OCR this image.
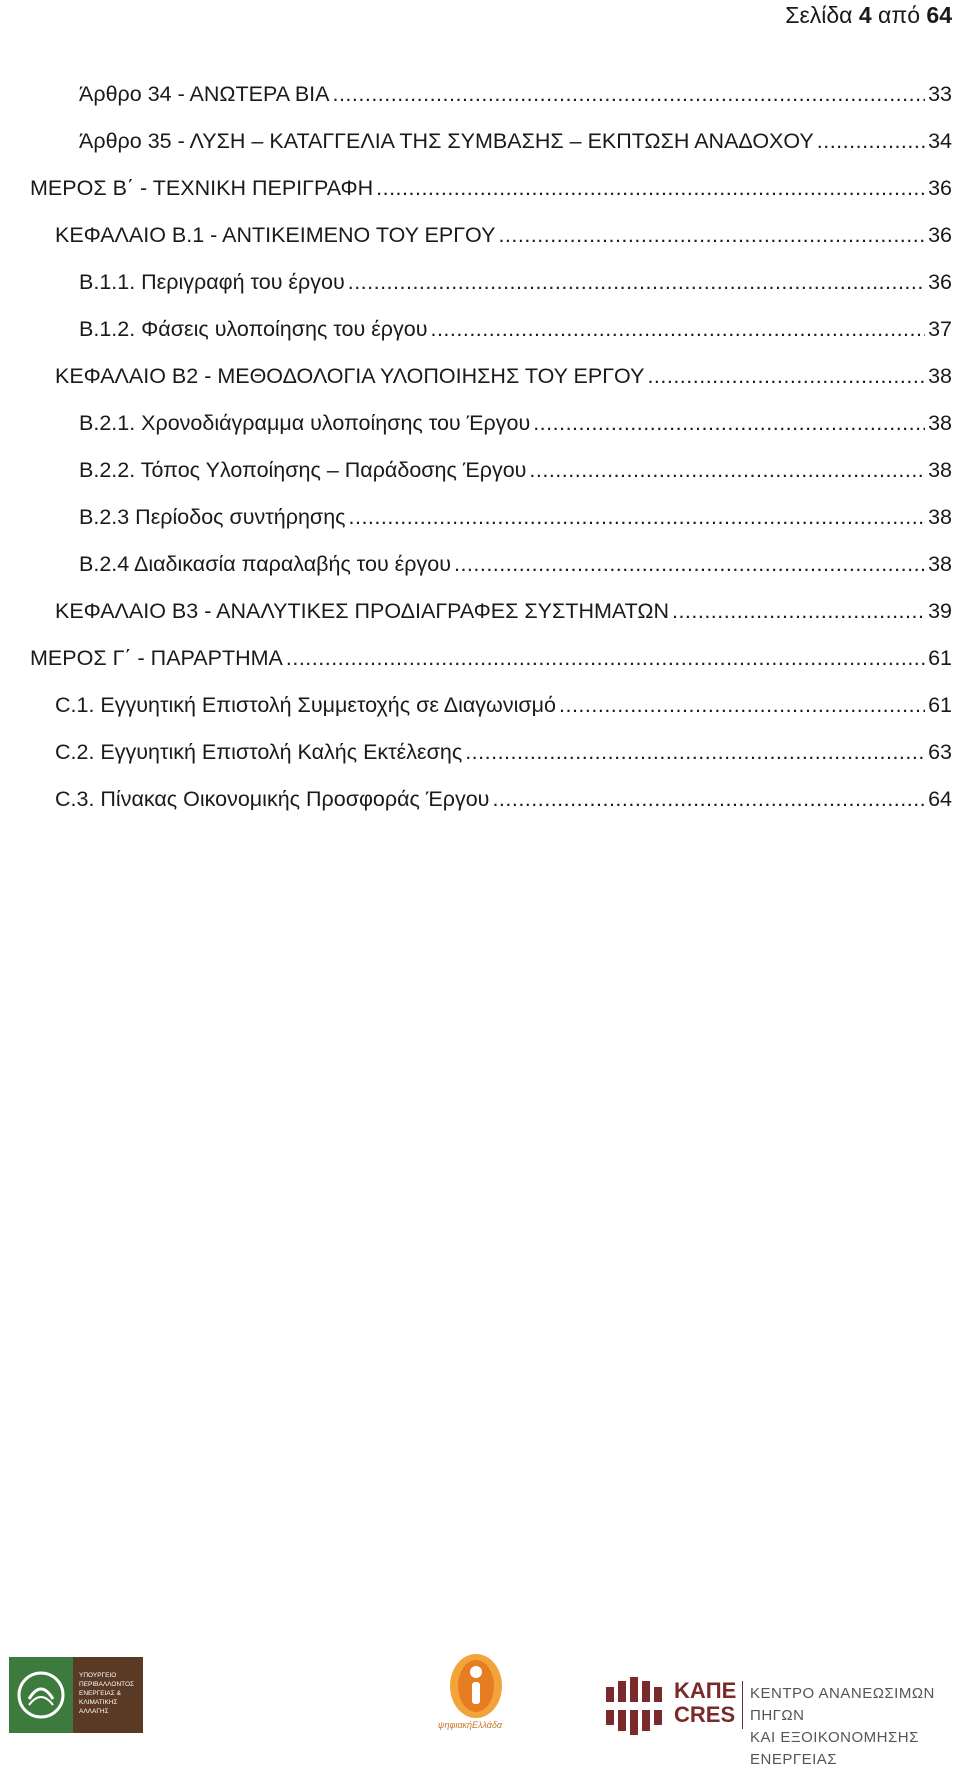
Σελίδα 4 από 64
Άρθρο 34 - ΑΝΩΤΕΡΑ ΒΙΑ .....	33
Άρθρο 35 - ΛΥΣΗ – ΚΑΤΑΓΓΕΛΙΑ ΤΗΣ ΣΥΜΒΑΣΗΣ – ΕΚΠΤΩΣΗ ΑΝΑΔΟΧΟΥ .....	34
ΜΕΡΟΣ Β΄ - ΤΕΧΝΙΚΗ ΠΕΡΙΓΡΑΦΗ .....	36
ΚΕΦΑΛΑΙΟ Β.1 - ΑΝΤΙΚΕΙΜΕΝΟ ΤΟΥ ΕΡΓΟΥ .....	36
Β.1.1. Περιγραφή του έργου .....	36
Β.1.2. Φάσεις υλοποίησης του έργου .....	37
ΚΕΦΑΛΑΙΟ Β2 - ΜΕΘΟΔΟΛΟΓΙΑ ΥΛΟΠΟΙΗΣΗΣ ΤΟΥ ΕΡΓΟΥ .....	38
Β.2.1. Χρονοδιάγραμμα υλοποίησης του Έργου .....	38
Β.2.2. Τόπος Υλοποίησης – Παράδοσης Έργου .....	38
Β.2.3 Περίοδος συντήρησης .....	38
Β.2.4 Διαδικασία παραλαβής του έργου .....	38
ΚΕΦΑΛΑΙΟ Β3 - ΑΝΑΛΥΤΙΚΕΣ ΠΡΟΔΙΑΓΡΑΦΕΣ ΣΥΣΤΗΜΑΤΩΝ .....	39
ΜΕΡΟΣ Γ΄ - ΠΑΡΑΡΤΗΜΑ .....	61
C.1. Εγγυητική Επιστολή Συμμετοχής σε Διαγωνισμό .....	61
C.2. Εγγυητική Επιστολή Καλής Εκτέλεσης .....	63
C.3. Πίνακας Οικονομικής Προσφοράς Έργου .....	64
ΥΠΟΥΡΓΕΙΟ
ΠΕΡΙΒΑΛΛΟΝΤΟΣ
ΕΝΕΡΓΕΙΑΣ &
ΚΛΙΜΑΤΙΚΗΣ
ΑΛΛΑΓΗΣ
ψηφιακήΕλλάδα
ΚΑΠΕ
CRES
ΚΕΝΤΡΟ ΑΝΑΝΕΩΣΙΜΩΝ ΠΗΓΩΝ
ΚΑΙ ΕΞΟΙΚΟΝΟΜΗΣΗΣ ΕΝΕΡΓΕΙΑΣ
